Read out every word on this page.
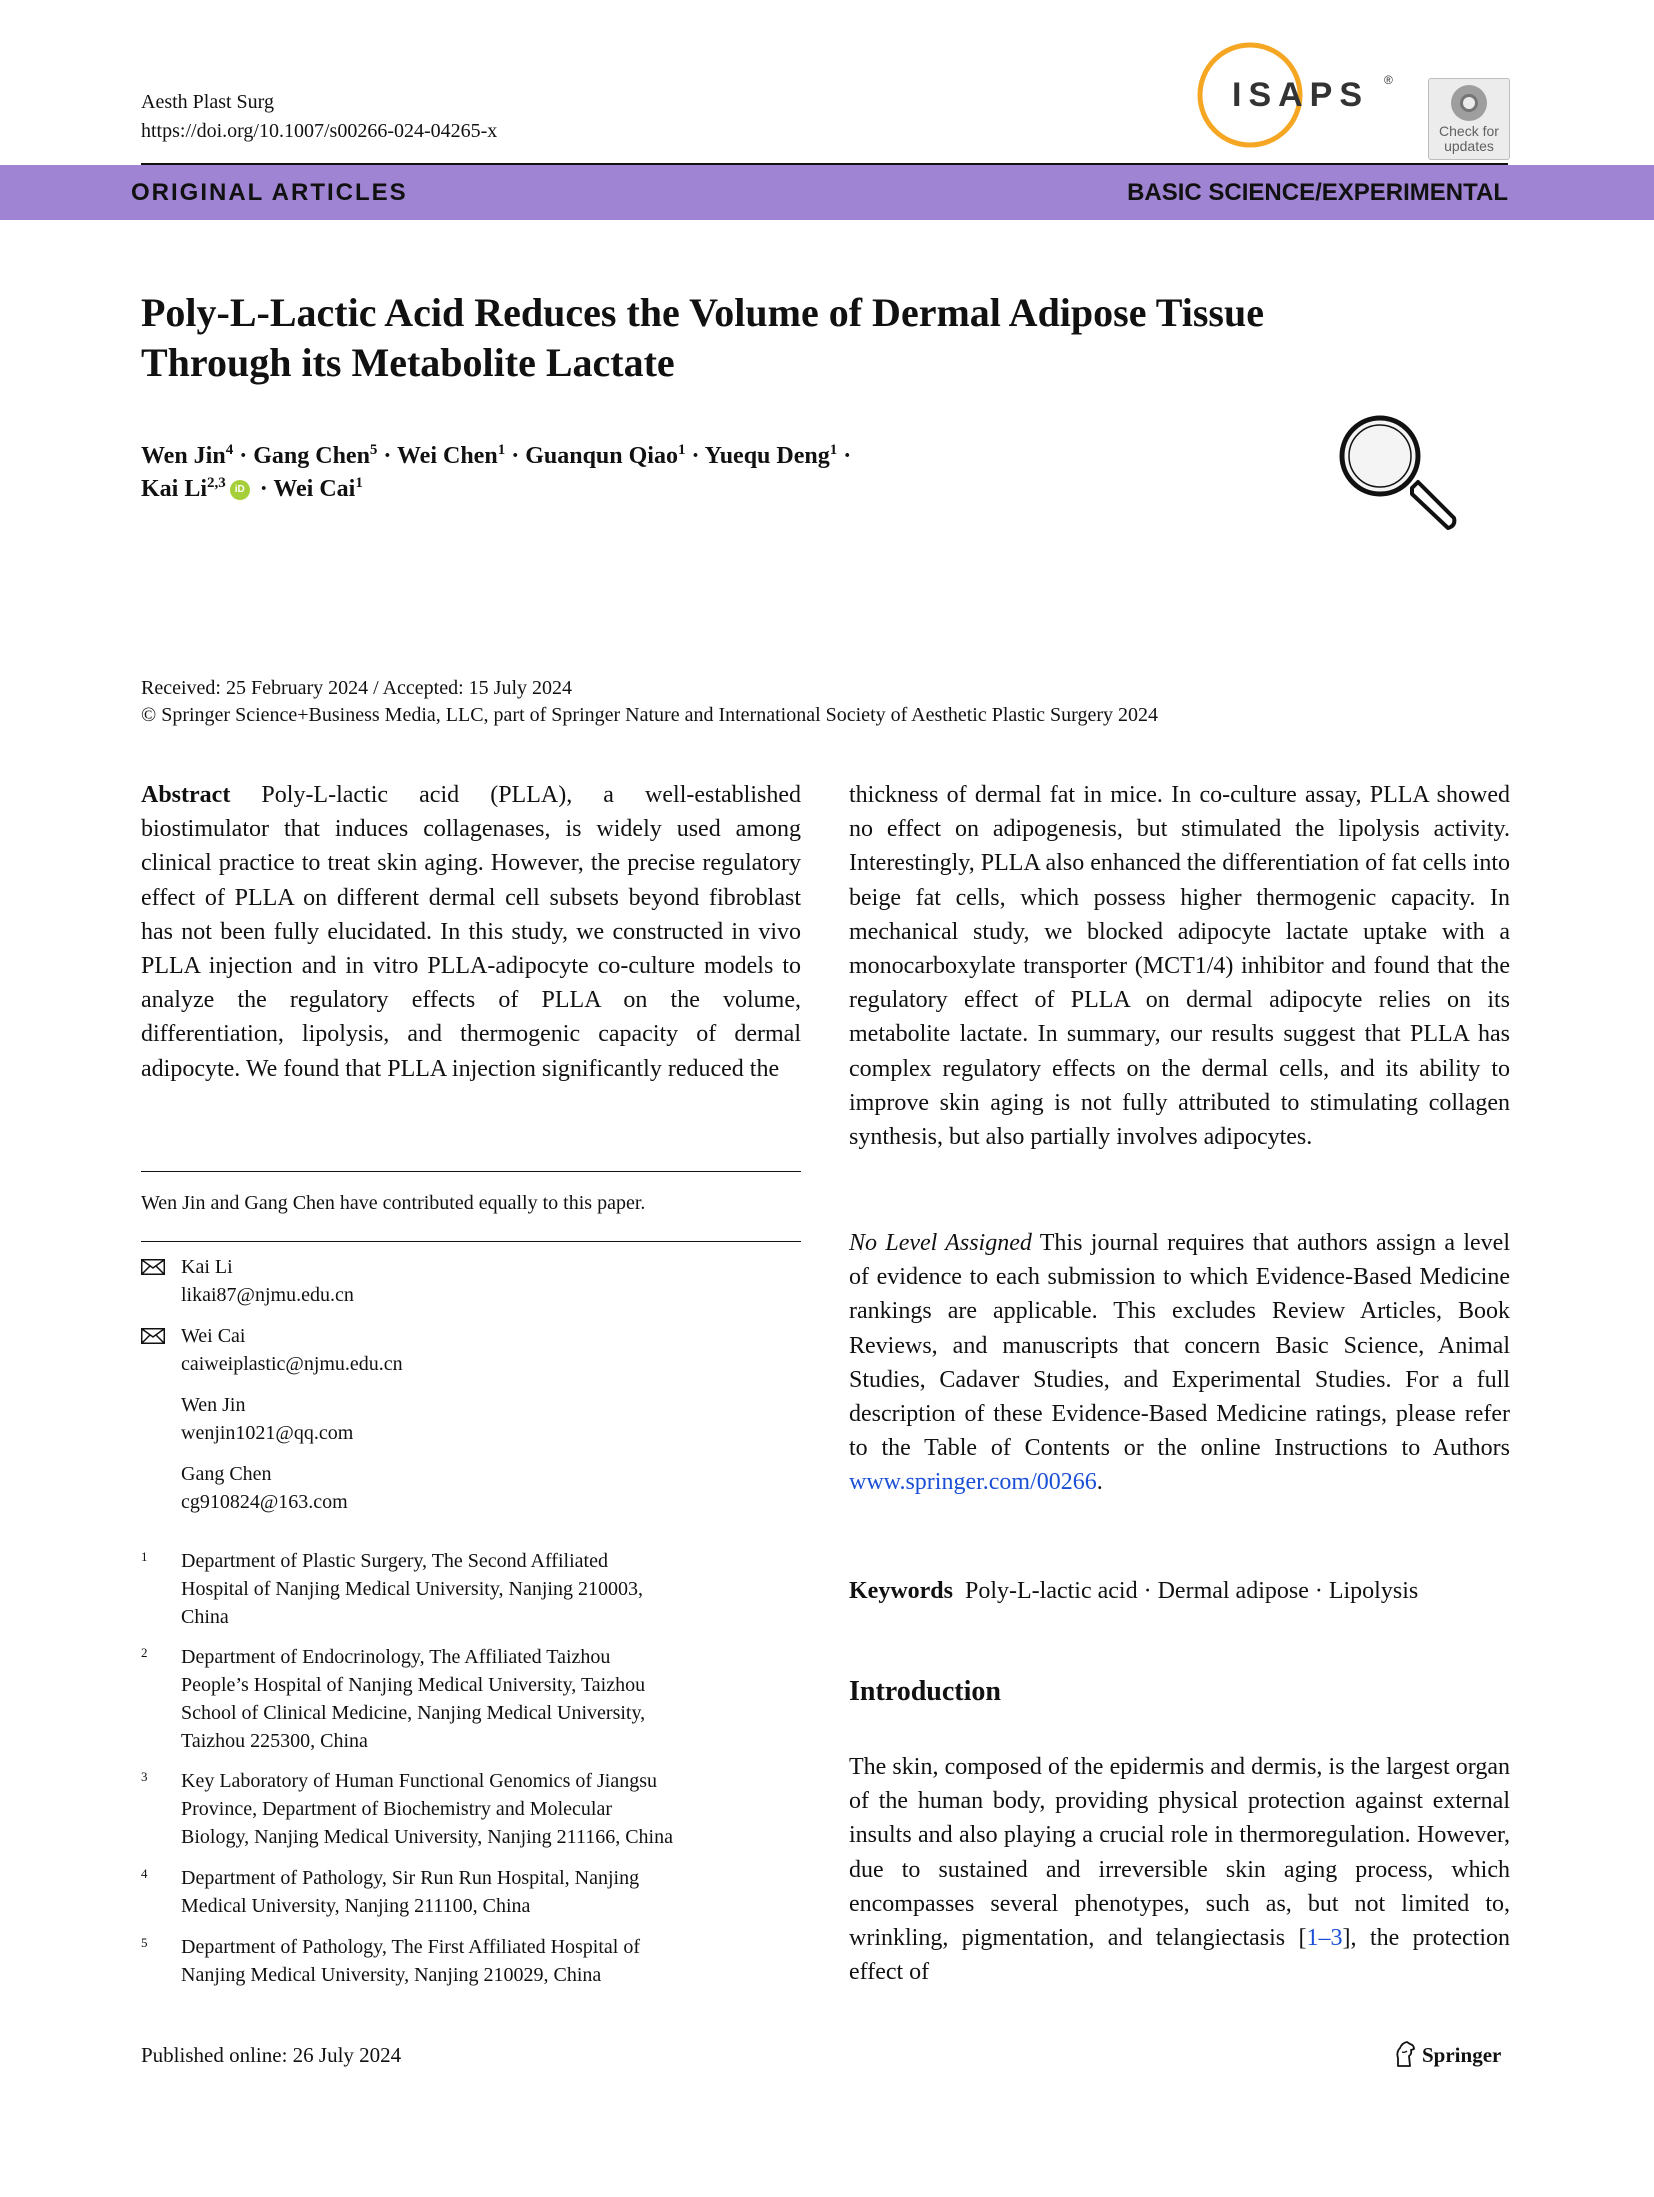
Aesth Plast Surg
https://doi.org/10.1007/s00266-024-04265-x
ISAPS ®
Check for
updates
ORIGINAL ARTICLES	BASIC SCIENCE/EXPERIMENTAL
Poly-L-Lactic Acid Reduces the Volume of Dermal Adipose Tissue
Through its Metabolite Lactate
Wen Jin$^4$ · Gang Chen$^5$ · Wei Chen$^1$ · Guanqun Qiao$^1$ · Yuequ Deng$^1$ ·
Kai Li$^{2,3}$ iD · Wei Cai$^1$
Received: 25 February 2024 / Accepted: 15 July 2024
© Springer Science+Business Media, LLC, part of Springer Nature and International Society of Aesthetic Plastic Surgery 2024
Abstract Poly-L-lactic acid (PLLA), a well-established biostimulator that induces collagenases, is widely used among clinical practice to treat skin aging. However, the precise regulatory effect of PLLA on different dermal cell subsets beyond fibroblast has not been fully elucidated. In this study, we constructed in vivo PLLA injection and in vitro PLLA-adipocyte co-culture models to analyze the regulatory effects of PLLA on the volume, differentiation, lipolysis, and thermogenic capacity of dermal adipocyte. We found that PLLA injection significantly reduced the
thickness of dermal fat in mice. In co-culture assay, PLLA showed no effect on adipogenesis, but stimulated the lipolysis activity. Interestingly, PLLA also enhanced the differentiation of fat cells into beige fat cells, which possess higher thermogenic capacity. In mechanical study, we blocked adipocyte lactate uptake with a monocarboxylate transporter (MCT1/4) inhibitor and found that the regulatory effect of PLLA on dermal adipocyte relies on its metabolite lactate. In summary, our results suggest that PLLA has complex regulatory effects on the dermal cells, and its ability to improve skin aging is not fully attributed to stimulating collagen synthesis, but also partially involves adipocytes.
No Level Assigned This journal requires that authors assign a level of evidence to each submission to which Evidence-Based Medicine rankings are applicable. This excludes Review Articles, Book Reviews, and manuscripts that concern Basic Science, Animal Studies, Cadaver Studies, and Experimental Studies. For a full description of these Evidence-Based Medicine ratings, please refer to the Table of Contents or the online Instructions to Authors www.springer.com/00266.
Keywords Poly-L-lactic acid · Dermal adipose · Lipolysis
Introduction
The skin, composed of the epidermis and dermis, is the largest organ of the human body, providing physical protection against external insults and also playing a crucial role in thermoregulation. However, due to sustained and irreversible skin aging process, which encompasses several phenotypes, such as, but not limited to, wrinkling, pigmentation, and telangiectasis [1–3], the protection effect of
Wen Jin and Gang Chen have contributed equally to this paper.
Kai Li
likai87@njmu.edu.cn
Wei Cai
caiweiplastic@njmu.edu.cn
Wen Jin
wenjin1021@qq.com
Gang Chen
cg910824@163.com
1 Department of Plastic Surgery, The Second Affiliated
Hospital of Nanjing Medical University, Nanjing 210003,
China
2 Department of Endocrinology, The Affiliated Taizhou
People’s Hospital of Nanjing Medical University, Taizhou
School of Clinical Medicine, Nanjing Medical University,
Taizhou 225300, China
3 Key Laboratory of Human Functional Genomics of Jiangsu
Province, Department of Biochemistry and Molecular
Biology, Nanjing Medical University, Nanjing 211166, China
4 Department of Pathology, Sir Run Run Hospital, Nanjing
Medical University, Nanjing 211100, China
5 Department of Pathology, The First Affiliated Hospital of
Nanjing Medical University, Nanjing 210029, China
Published online: 26 July 2024	Springer
